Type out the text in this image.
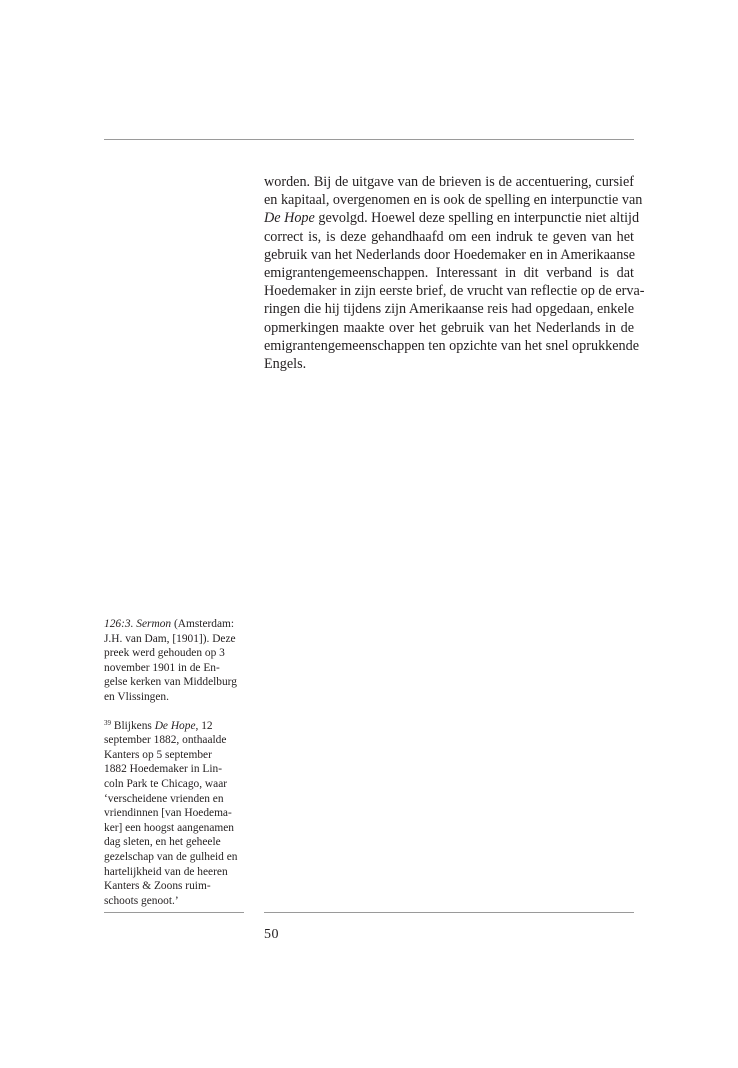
worden. Bij de uitgave van de brieven is de accentuering, cursief
en kapitaal, overgenomen en is ook de spelling en interpunctie van
De Hope gevolgd. Hoewel deze spelling en interpunctie niet altijd
correct is, is deze gehandhaafd om een indruk te geven van het
gebruik van het Nederlands door Hoedemaker en in Amerikaanse
emigrantengemeenschappen. Interessant in dit verband is dat
Hoedemaker in zijn eerste brief, de vrucht van reflectie op de erva-
ringen die hij tijdens zijn Amerikaanse reis had opgedaan, enkele
opmerkingen maakte over het gebruik van het Nederlands in de
emigrantengemeenschappen ten opzichte van het snel oprukkende
Engels.
126:3. Sermon (Amsterdam:
J.H. van Dam, [1901]). Deze
preek werd gehouden op 3
november 1901 in de En-
gelse kerken van Middelburg
en Vlissingen.
$^{39}$ Blijkens De Hope, 12
september 1882, onthaalde
Kanters op 5 september
1882 Hoedemaker in Lin-
coln Park te Chicago, waar
‘verscheidene vrienden en
vriendinnen [van Hoedema-
ker] een hoogst aangenamen
dag sleten, en het geheele
gezelschap van de gulheid en
hartelijkheid van de heeren
Kanters & Zoons ruim-
schoots genoot.’
50
